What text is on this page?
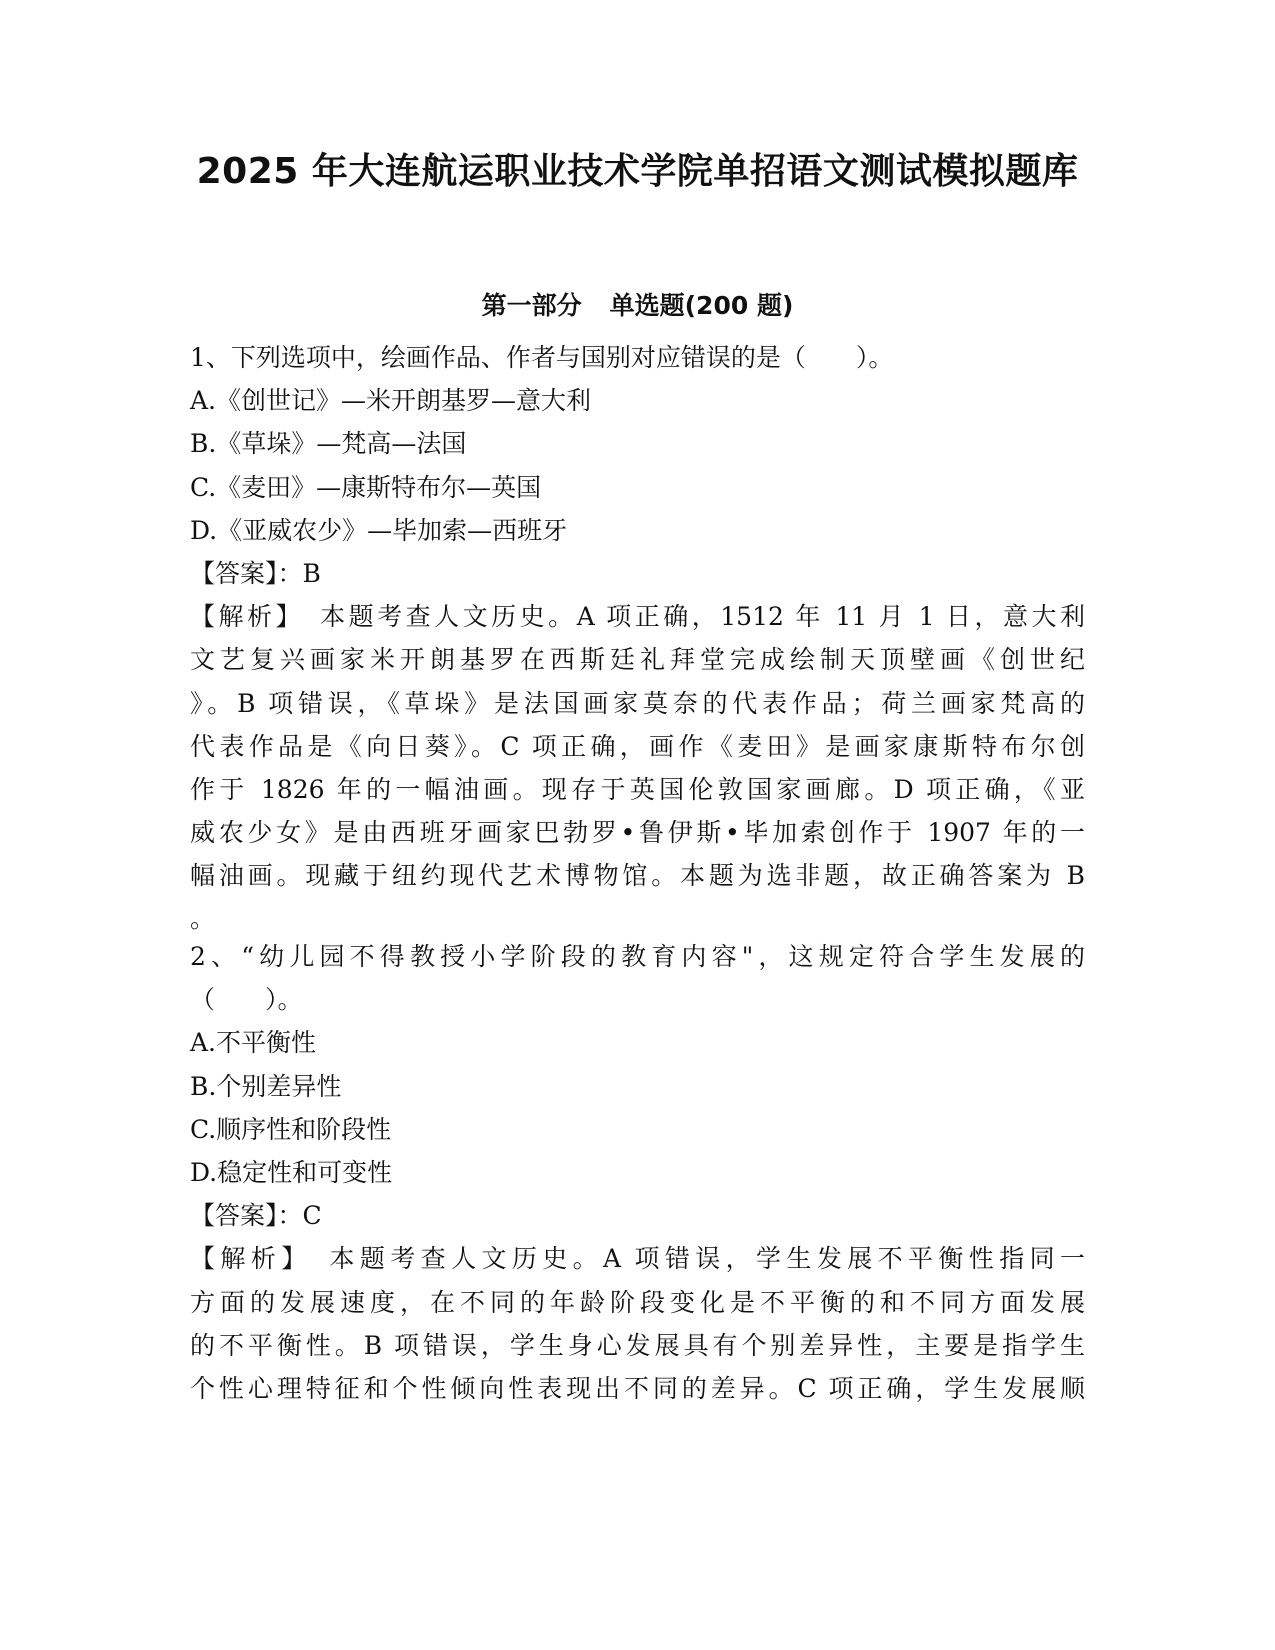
2025 年大连航运职业技术学院单招语文测试模拟题库
第一部分 单选题(200 题)
1、下列选项中，绘画作品、作者与国别对应错误的是（　　）。
A.《创世记》—米开朗基罗—意大利
B.《草垛》—梵高—法国
C.《麦田》—康斯特布尔—英国
D.《亚威农少》—毕加索—西班牙
【答案】：B
【解析】　本题考查人文历史。A 项正确，1512 年 11 月 1 日，意大利
文艺复兴画家米开朗基罗在西斯廷礼拜堂完成绘制天顶壁画《创世纪
》。B 项错误，《草垛》是法国画家莫奈的代表作品；荷兰画家梵高的
代表作品是《向日葵》。C 项正确，画作《麦田》是画家康斯特布尔创
作于 1826 年的一幅油画。现存于英国伦敦国家画廊。D 项正确，《亚
威农少女》是由西班牙画家巴勃罗•鲁伊斯•毕加索创作于 1907 年的一
幅油画。现藏于纽约现代艺术博物馆。本题为选非题，故正确答案为 B
。
2、“幼儿园不得教授小学阶段的教育内容"，这规定符合学生发展的
（　　）。
A.不平衡性
B.个别差异性
C.顺序性和阶段性
D.稳定性和可变性
【答案】：C
【解析】　本题考查人文历史。A 项错误，学生发展不平衡性指同一
方面的发展速度，在不同的年龄阶段变化是不平衡的和不同方面发展
的不平衡性。B 项错误，学生身心发展具有个别差异性，主要是指学生
个性心理特征和个性倾向性表现出不同的差异。C 项正确，学生发展顺
